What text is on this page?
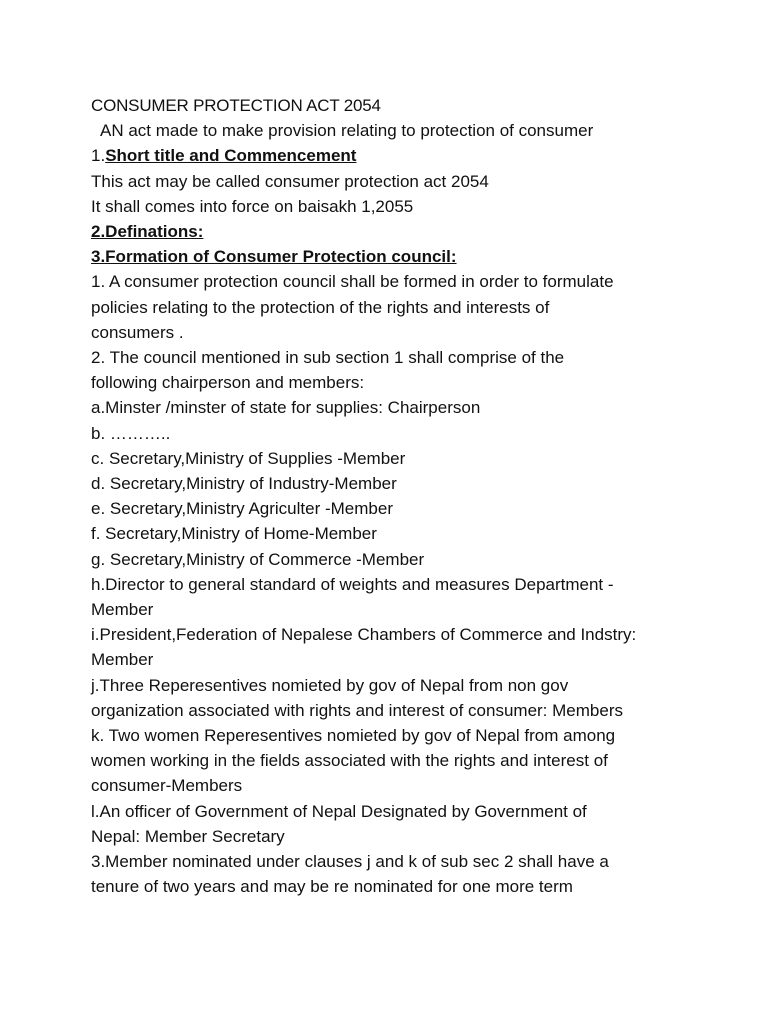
CONSUMER PROTECTION ACT 2054
AN act made to make provision relating to protection of consumer
1.Short title and Commencement
This act may be called consumer protection act 2054
It shall comes into force on baisakh 1,2055
2.Definations:
3.Formation of Consumer Protection council:
1. A consumer protection council shall be formed in order to formulate
policies relating to the protection of the rights and interests of
consumers .
2. The council mentioned in sub section 1 shall comprise of the
following chairperson and members:
a.Minster /minster of state for supplies: Chairperson
b. ………..
c. Secretary,Ministry of Supplies -Member
d. Secretary,Ministry of Industry-Member
e. Secretary,Ministry Agriculter -Member
f. Secretary,Ministry of Home-Member
g. Secretary,Ministry of Commerce -Member
h.Director to general standard of weights and measures Department -
Member
i.President,Federation of Nepalese Chambers of Commerce and Indstry:
Member
j.Three Reperesentives nomieted by gov of Nepal from non gov
organization associated with rights and interest of consumer: Members
k. Two women Reperesentives nomieted by gov of Nepal from among
women working in the fields associated with the rights and interest of
consumer-Members
l.An officer of Government of Nepal Designated by Government of
Nepal: Member Secretary
3.Member nominated under clauses j and k of sub sec 2 shall have a
tenure of two years and may be re nominated for one more term
